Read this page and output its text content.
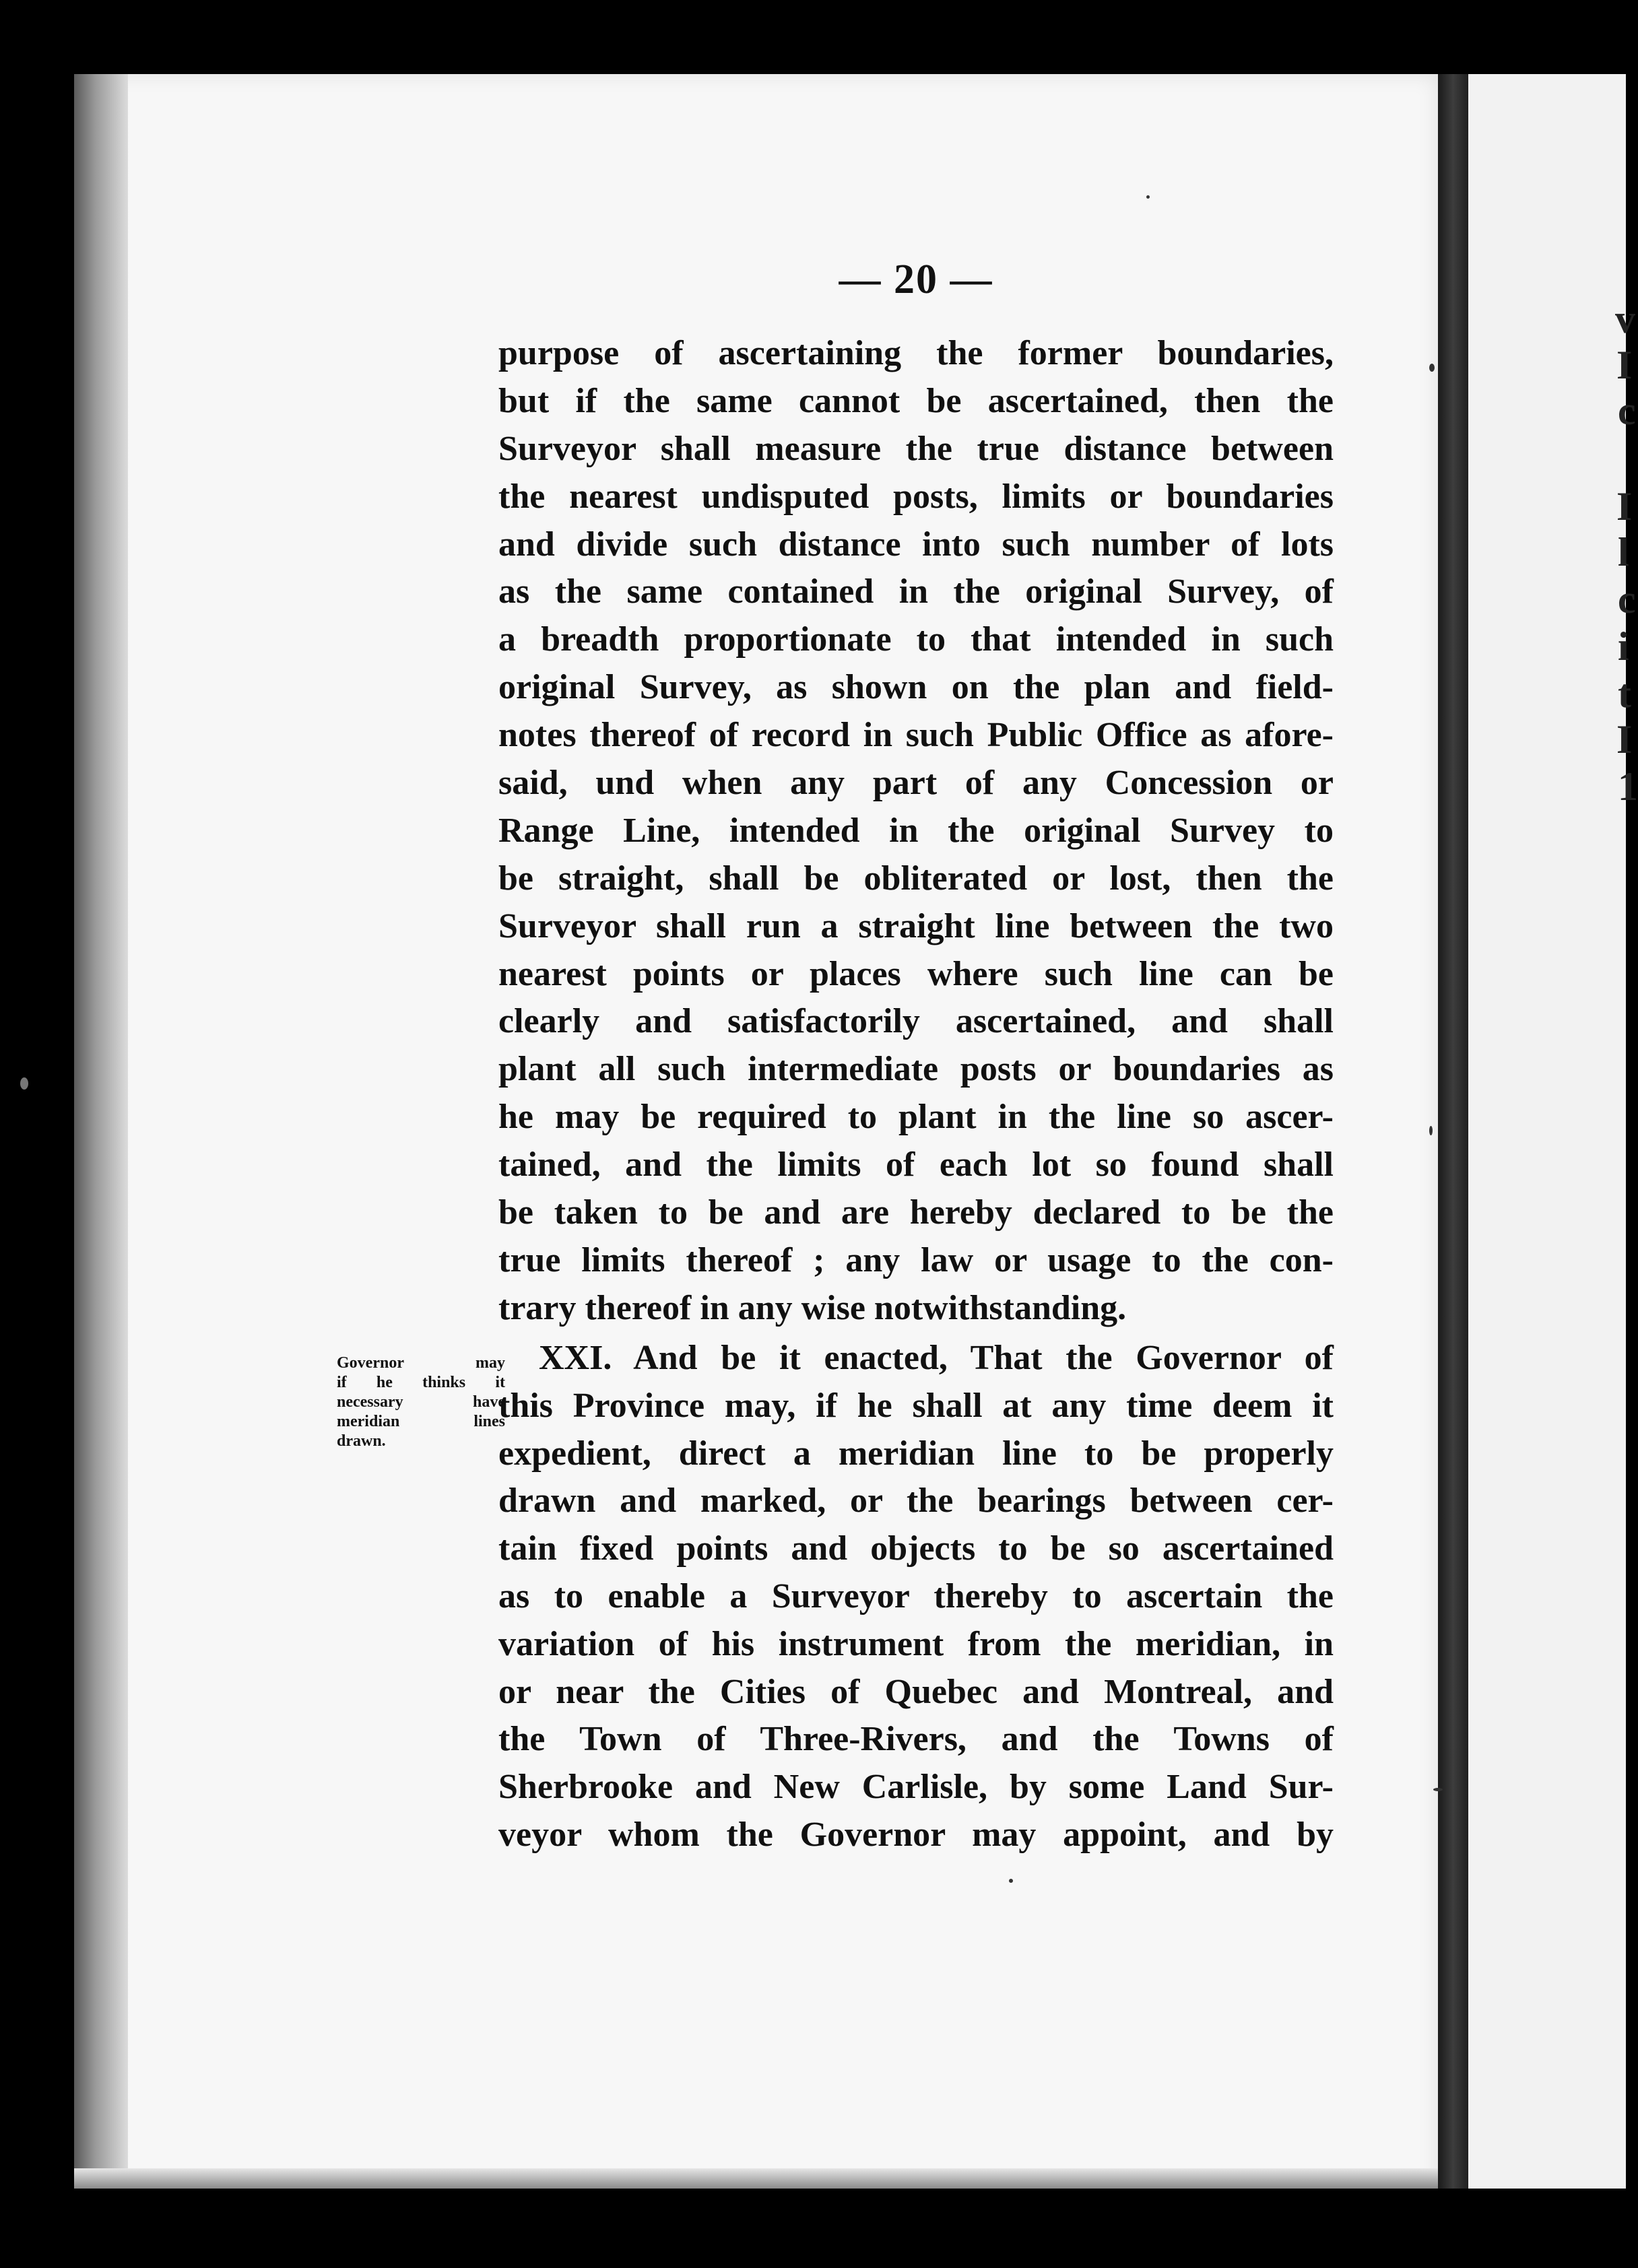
v
I
c
I
l
c
i
t
I
1
— 20 —
purpose of ascertaining the former boundaries,
but if the same cannot be ascertained, then the
Surveyor shall measure the true distance between
the nearest undisputed posts, limits or boundaries
and divide such distance into such number of lots
as the same contained in the original Survey, of
a breadth proportionate to that intended in such
original Survey, as shown on the plan and field-
notes thereof of record in such Public Office as afore-
said, und when any part of any Concession or
Range Line, intended in the original Survey to
be straight, shall be obliterated or lost, then the
Surveyor shall run a straight line between the two
nearest points or places where such line can be
clearly and satisfactorily ascertained, and shall
plant all such intermediate posts or boundaries as
he may be required to plant in the line so ascer-
tained, and the limits of each lot so found shall
be taken to be and are hereby declared to be the
true limits thereof ; any law or usage to the con-
trary thereof in any wise notwithstanding.
Governor may
if he thinks it
necessary have
meridian lines
drawn.
XXI. And be it enacted, That the Governor of
this Province may, if he shall at any time deem it
expedient, direct a meridian line to be properly
drawn and marked, or the bearings between cer-
tain fixed points and objects to be so ascertained
as to enable a Surveyor thereby to ascertain the
variation of his instrument from the meridian, in
or near the Cities of Quebec and Montreal, and
the Town of Three-Rivers, and the Towns of
Sherbrooke and New Carlisle, by some Land Sur-
veyor whom the Governor may appoint, and by
